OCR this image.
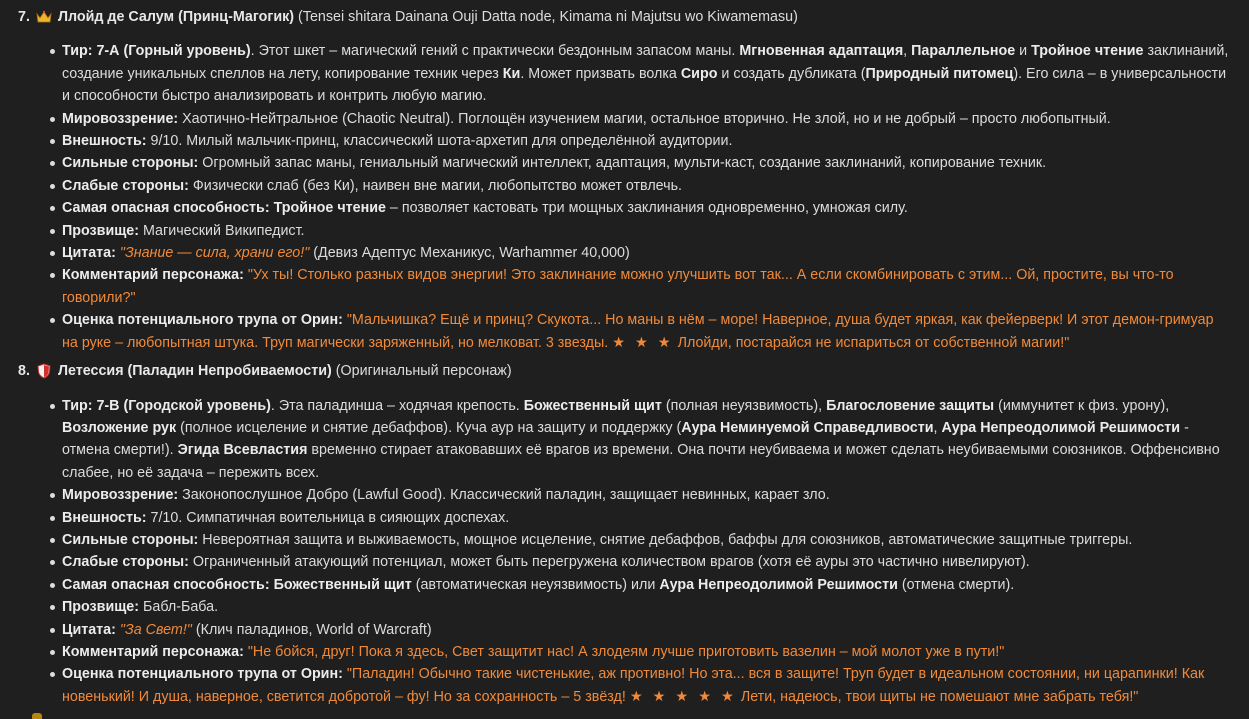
7. Ллойд де Салум (Принц-Магогик) (Tensei shitara Dainana Ouji Datta node, Kimama ni Majutsu wo Kiwamemasu)
Тир: 7-А (Горный уровень). Этот шкет – магический гений с практически бездонным запасом маны. Мгновенная адаптация, Параллельное и Тройное чтение заклинаний, создание уникальных спеллов на лету, копирование техник через Ки. Может призвать волка Сиро и создать дубликата (Природный питомец). Его сила – в универсальности и способности быстро анализировать и контрить любую магию.
Мировоззрение: Хаотично-Нейтральное (Chaotic Neutral). Поглощён изучением магии, остальное вторично. Не злой, но и не добрый – просто любопытный.
Внешность: 9/10. Милый мальчик-принц, классический шота-архетип для определённой аудитории.
Сильные стороны: Огромный запас маны, гениальный магический интеллект, адаптация, мульти-каст, создание заклинаний, копирование техник.
Слабые стороны: Физически слаб (без Ки), наивен вне магии, любопытство может отвлечь.
Самая опасная способность: Тройное чтение – позволяет кастовать три мощных заклинания одновременно, умножая силу.
Прозвище: Магический Википедист.
Цитата: "Знание — сила, храни его!" (Девиз Адептус Механикус, Warhammer 40,000)
Комментарий персонажа: "Ух ты! Столько разных видов энергии! Это заклинание можно улучшить вот так... А если скомбинировать с этим... Ой, простите, вы что-то говорили?"
Оценка потенциального трупа от Орин: "Мальчишка? Ещё и принц? Скукота... Но маны в нём – море! Наверное, душа будет яркая, как фейерверк! И этот демон-гримуар на руке – любопытная штука. Труп магически заряженный, но мелковат. 3 звезды. ★ ★ ★ Ллойди, постарайся не испариться от собственной магии!"
8. Летессия (Паладин Непробиваемости) (Оригинальный персонаж)
Тир: 7-В (Городской уровень). Эта паладинша – ходячая крепость. Божественный щит (полная неуязвимость), Благословение защиты (иммунитет к физ. урону), Возложение рук (полное исцеление и снятие дебаффов). Куча аур на защиту и поддержку (Аура Неминуемой Справедливости, Аура Непреодолимой Решимости - отмена смерти!). Эгида Всевластия временно стирает атаковавших её врагов из времени. Она почти неубиваема и может сделать неубиваемыми союзников. Оффенсивно слабее, но её задача – пережить всех.
Мировоззрение: Законопослушное Добро (Lawful Good). Классический паладин, защищает невинных, карает зло.
Внешность: 7/10. Симпатичная воительница в сияющих доспехах.
Сильные стороны: Невероятная защита и выживаемость, мощное исцеление, снятие дебаффов, баффы для союзников, автоматические защитные триггеры.
Слабые стороны: Ограниченный атакующий потенциал, может быть перегружена количеством врагов (хотя её ауры это частично нивелируют).
Самая опасная способность: Божественный щит (автоматическая неуязвимость) или Аура Непреодолимой Решимости (отмена смерти).
Прозвище: Бабл-Баба.
Цитата: "За Свет!" (Клич паладинов, World of Warcraft)
Комментарий персонажа: "Не бойся, друг! Пока я здесь, Свет защитит нас! А злодеям лучше приготовить вазелин – мой молот уже в пути!"
Оценка потенциального трупа от Орин: "Паладин! Обычно такие чистенькие, аж противно! Но эта... вся в защите! Труп будет в идеальном состоянии, ни царапинки! Как новенький! И душа, наверное, светится добротой – фу! Но за сохранность – 5 звёзд! ★ ★ ★ ★ ★ Лети, надеюсь, твои щиты не помешают мне забрать тебя!"
